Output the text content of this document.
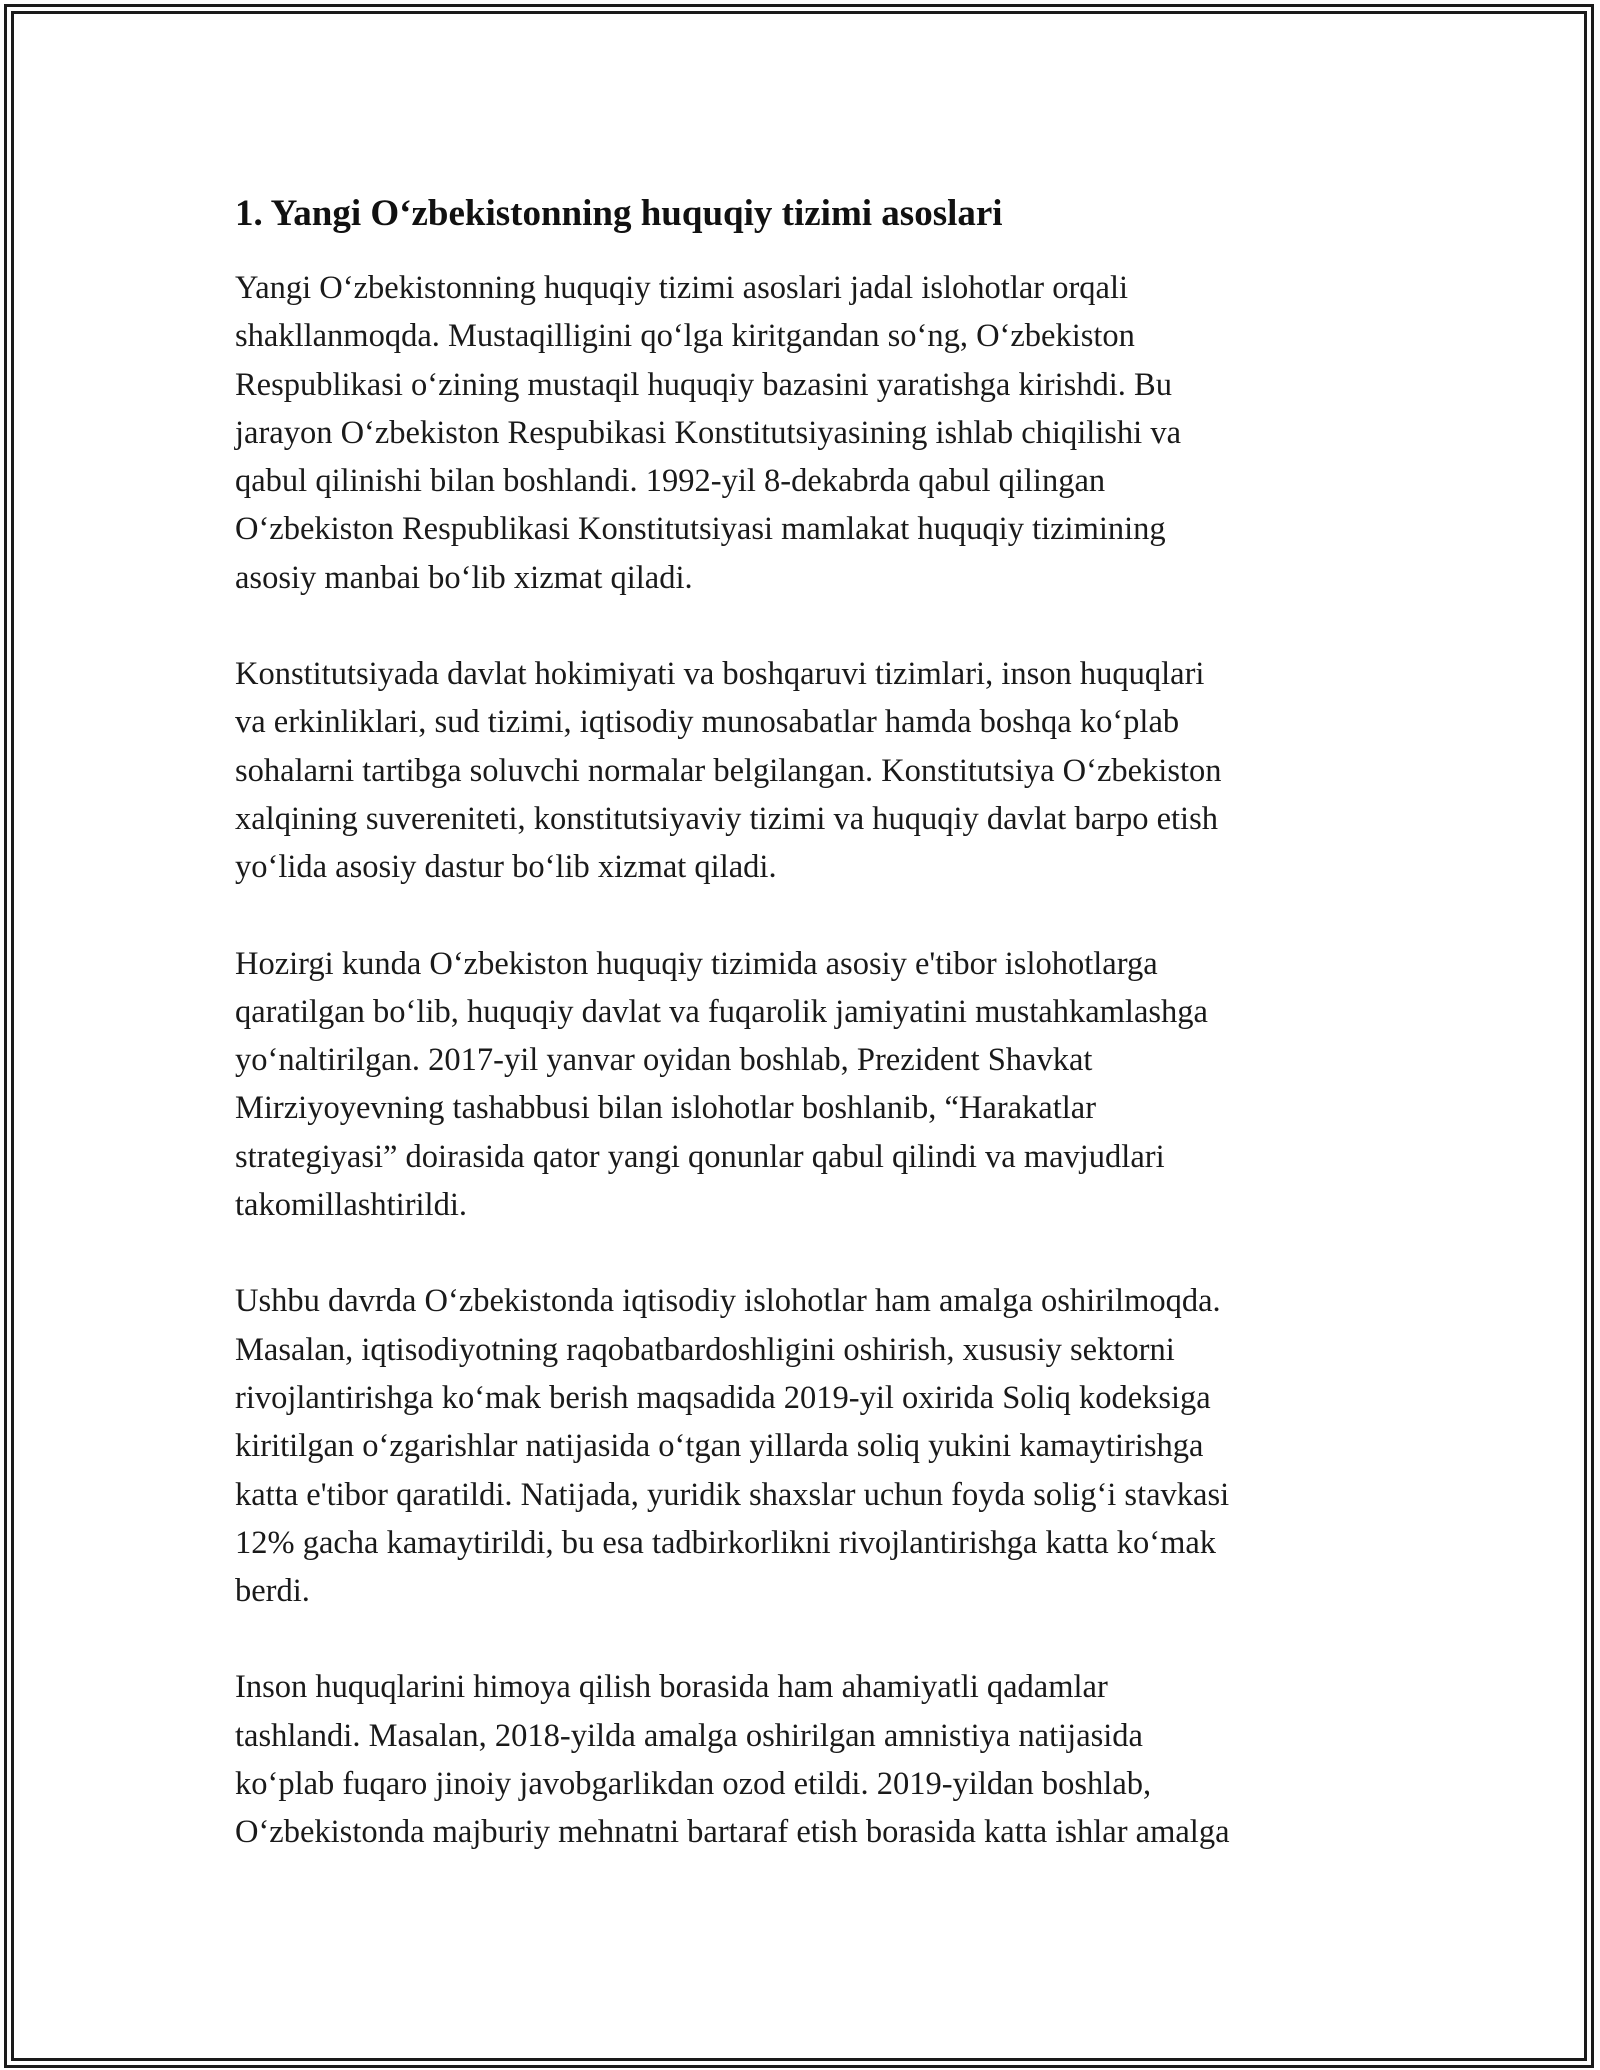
1. Yangi O‘zbekistonning huquqiy tizimi asoslari

Yangi O‘zbekistonning huquqiy tizimi asoslari jadal islohotlar orqali
shakllanmoqda. Mustaqilligini qo‘lga kiritgandan so‘ng, O‘zbekiston
Respublikasi o‘zining mustaqil huquqiy bazasini yaratishga kirishdi. Bu
jarayon O‘zbekiston Respubikasi Konstitutsiyasining ishlab chiqilishi va
qabul qilinishi bilan boshlandi. 1992-yil 8-dekabrda qabul qilingan
O‘zbekiston Respublikasi Konstitutsiyasi mamlakat huquqiy tizimining
asosiy manbai bo‘lib xizmat qiladi.

Konstitutsiyada davlat hokimiyati va boshqaruvi tizimlari, inson huquqlari
va erkinliklari, sud tizimi, iqtisodiy munosabatlar hamda boshqa ko‘plab
sohalarni tartibga soluvchi normalar belgilangan. Konstitutsiya O‘zbekiston
xalqining suvereniteti, konstitutsiyaviy tizimi va huquqiy davlat barpo etish
yo‘lida asosiy dastur bo‘lib xizmat qiladi.

Hozirgi kunda O‘zbekiston huquqiy tizimida asosiy e'tibor islohotlarga
qaratilgan bo‘lib, huquqiy davlat va fuqarolik jamiyatini mustahkamlashga
yo‘naltirilgan. 2017-yil yanvar oyidan boshlab, Prezident Shavkat
Mirziyoyevning tashabbusi bilan islohotlar boshlanib, “Harakatlar
strategiyasi” doirasida qator yangi qonunlar qabul qilindi va mavjudlari
takomillashtirildi.

Ushbu davrda O‘zbekistonda iqtisodiy islohotlar ham amalga oshirilmoqda.
Masalan, iqtisodiyotning raqobatbardoshligini oshirish, xususiy sektorni
rivojlantirishga ko‘mak berish maqsadida 2019-yil oxirida Soliq kodeksiga
kiritilgan o‘zgarishlar natijasida o‘tgan yillarda soliq yukini kamaytirishga
katta e'tibor qaratildi. Natijada, yuridik shaxslar uchun foyda solig‘i stavkasi
12% gacha kamaytirildi, bu esa tadbirkorlikni rivojlantirishga katta ko‘mak
berdi.

Inson huquqlarini himoya qilish borasida ham ahamiyatli qadamlar
tashlandi. Masalan, 2018-yilda amalga oshirilgan amnistiya natijasida
ko‘plab fuqaro jinoiy javobgarlikdan ozod etildi. 2019-yildan boshlab,
O‘zbekistonda majburiy mehnatni bartaraf etish borasida katta ishlar amalga
